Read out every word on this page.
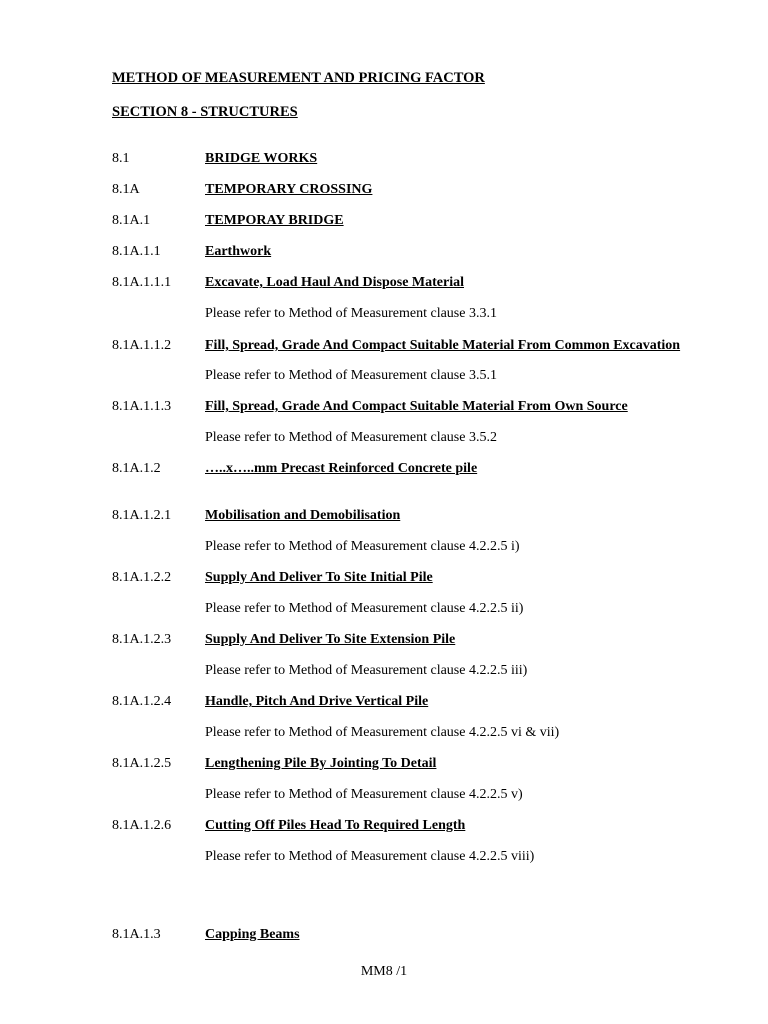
METHOD OF MEASUREMENT AND PRICING FACTOR
SECTION 8 - STRUCTURES
8.1	BRIDGE WORKS
8.1A	TEMPORARY CROSSING
8.1A.1	TEMPORAY BRIDGE
8.1A.1.1	Earthwork
8.1A.1.1.1 Excavate, Load Haul And Dispose Material
Please refer to Method of Measurement clause 3.3.1
8.1A.1.1.2 Fill, Spread, Grade And Compact Suitable Material From Common Excavation
Please refer to Method of Measurement clause 3.5.1
8.1A.1.1.3 Fill, Spread, Grade And Compact Suitable Material From Own Source
Please refer to Method of Measurement clause 3.5.2
8.1A.1.2	…..x…..mm Precast Reinforced Concrete pile
8.1A.1.2.1 Mobilisation and Demobilisation
Please refer to Method of Measurement clause 4.2.2.5 i)
8.1A.1.2.2 Supply And Deliver To Site Initial Pile
Please refer to Method of Measurement clause 4.2.2.5 ii)
8.1A.1.2.3 Supply And Deliver To Site Extension Pile
Please refer to Method of Measurement clause 4.2.2.5 iii)
8.1A.1.2.4 Handle, Pitch And Drive Vertical Pile
Please refer to Method of Measurement clause 4.2.2.5 vi & vii)
8.1A.1.2.5 Lengthening Pile By Jointing To Detail
Please refer to Method of Measurement clause 4.2.2.5 v)
8.1A.1.2.6 Cutting Off Piles Head To Required Length
Please refer to Method of Measurement clause 4.2.2.5 viii)
8.1A.1.3	Capping Beams
MM8 /1
